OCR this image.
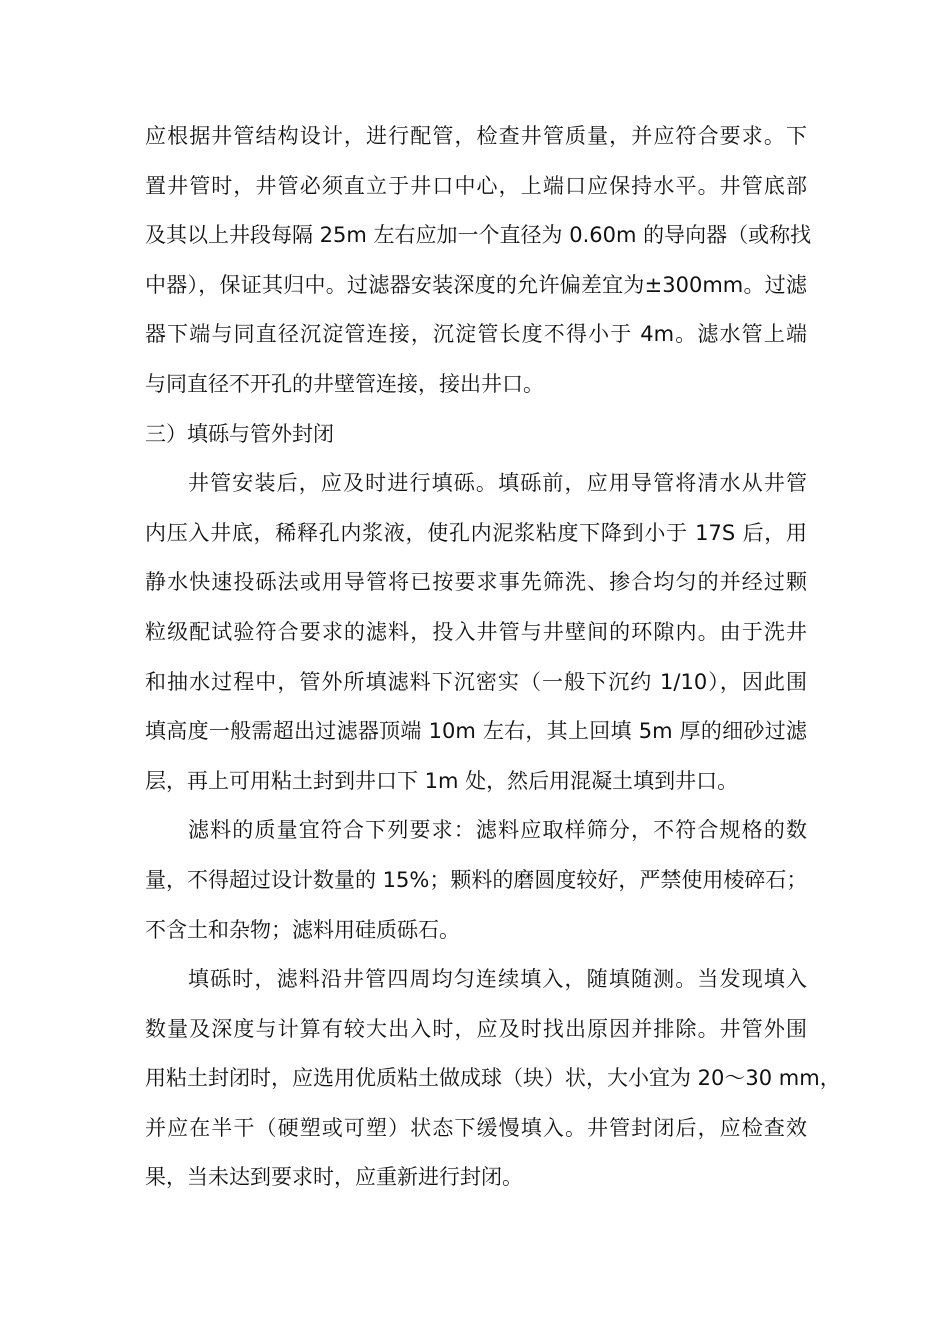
应根据井管结构设计，进行配管，检查井管质量，并应符合要求。下
置井管时，井管必须直立于井口中心，上端口应保持水平。井管底部
及其以上井段每隔 25m 左右应加一个直径为 0.60m 的导向器（或称找
中器），保证其归中。过滤器安装深度的允许偏差宜为±300mm。过滤
器下端与同直径沉淀管连接，沉淀管长度不得小于 4m。滤水管上端
与同直径不开孔的井壁管连接，接出井口。
三）填砾与管外封闭
井管安装后，应及时进行填砾。填砾前，应用导管将清水从井管
内压入井底，稀释孔内浆液，使孔内泥浆粘度下降到小于 17S 后，用
静水快速投砾法或用导管将已按要求事先筛洗、掺合均匀的并经过颗
粒级配试验符合要求的滤料，投入井管与井壁间的环隙内。由于洗井
和抽水过程中，管外所填滤料下沉密实（一般下沉约 1/10），因此围
填高度一般需超出过滤器顶端 10m 左右，其上回填 5m 厚的细砂过滤
层，再上可用粘土封到井口下 1m 处，然后用混凝土填到井口。
滤料的质量宜符合下列要求：滤料应取样筛分，不符合规格的数
量，不得超过设计数量的 15%；颗料的磨圆度较好，严禁使用棱碎石；
不含土和杂物；滤料用硅质砾石。
填砾时，滤料沿井管四周均匀连续填入，随填随测。当发现填入
数量及深度与计算有较大出入时，应及时找出原因并排除。井管外围
用粘土封闭时，应选用优质粘土做成球（块）状，大小宜为 20～30 mm，
并应在半干（硬塑或可塑）状态下缓慢填入。井管封闭后，应检查效
果，当未达到要求时，应重新进行封闭。
